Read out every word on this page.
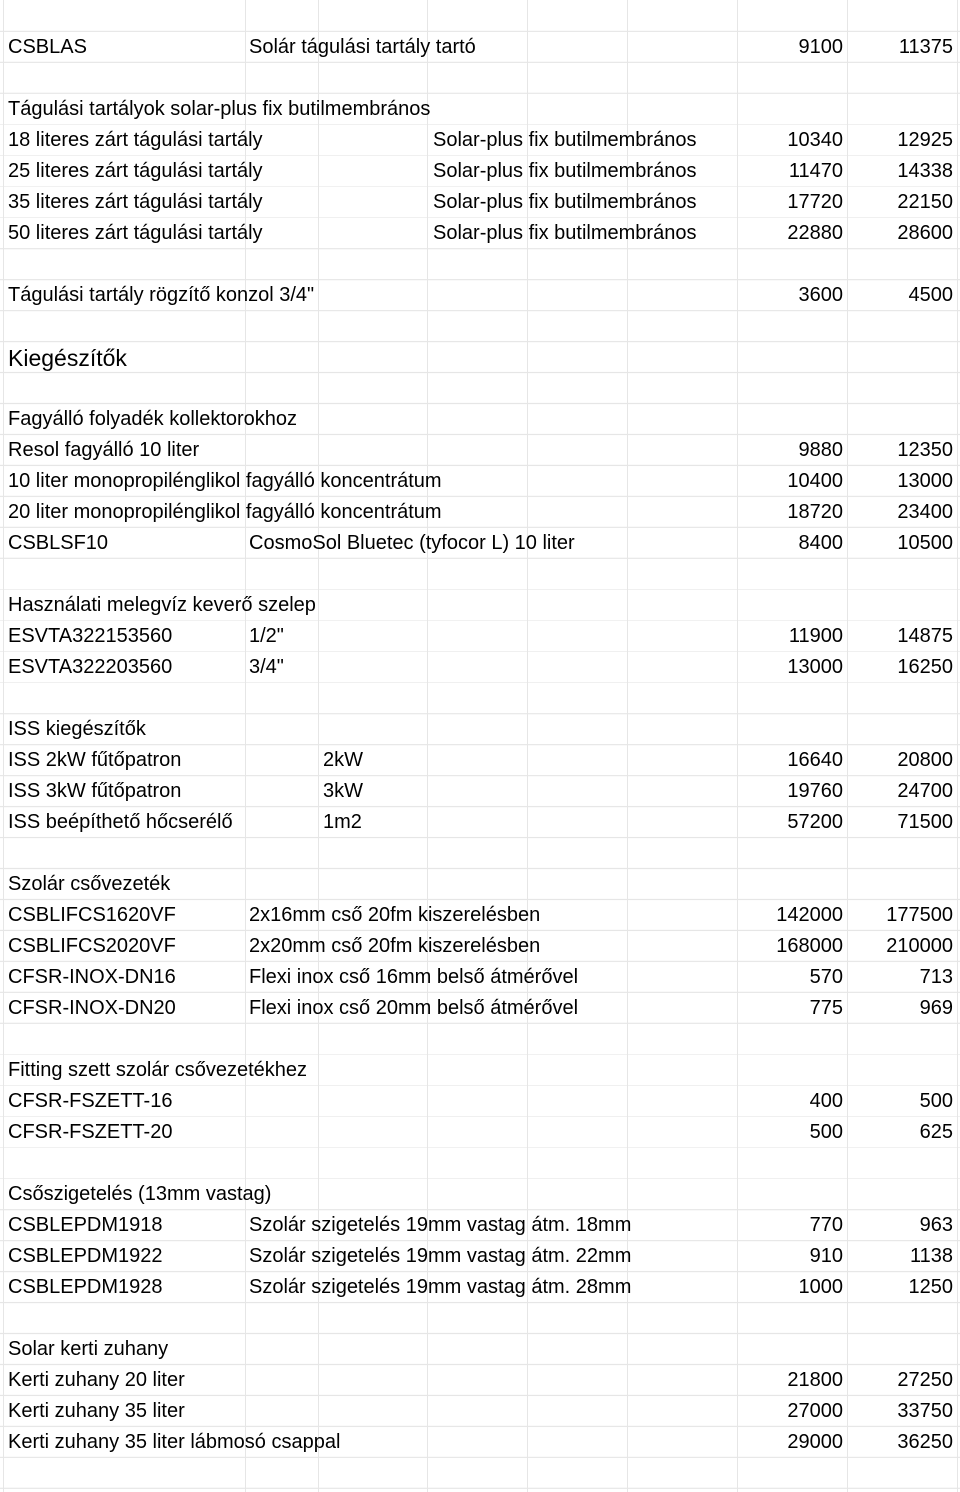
CSBLAS	Solár tágulási tartály tartó	9100	11375
Tágulási tartályok solar-plus fix butilmembrános
18 literes zárt tágulási tartály	Solar-plus fix butilmembrános	10340	12925
25 literes zárt tágulási tartály	Solar-plus fix butilmembrános	11470	14338
35 literes zárt tágulási tartály	Solar-plus fix butilmembrános	17720	22150
50 literes zárt tágulási tartály	Solar-plus fix butilmembrános	22880	28600
Tágulási tartály rögzítő konzol 3/4"	3600	4500
Kiegészítők
Fagyálló folyadék kollektorokhoz
Resol fagyálló 10 liter	9880	12350
10 liter monopropilénglikol fagyálló koncentrátum	10400	13000
20 liter monopropilénglikol fagyálló koncentrátum	18720	23400
CSBLSF10	CosmoSol Bluetec (tyfocor L) 10 liter	8400	10500
Használati melegvíz keverő szelep
ESVTA322153560	1/2"	11900	14875
ESVTA322203560	3/4"	13000	16250
ISS kiegészítők
ISS 2kW fűtőpatron	2kW	16640	20800
ISS 3kW fűtőpatron	3kW	19760	24700
ISS beépíthető hőcserélő	1m2	57200	71500
Szolár csővezeték
CSBLIFCS1620VF	2x16mm cső 20fm kiszerelésben	142000 177500
CSBLIFCS2020VF	2x20mm cső 20fm kiszerelésben	168000 210000
CFSR-INOX-DN16	Flexi inox cső 16mm belső átmérővel	570	713
CFSR-INOX-DN20	Flexi inox cső 20mm belső átmérővel	775	969
Fitting szett szolár csővezetékhez
CFSR-FSZETT-16	400	500
CFSR-FSZETT-20	500	625
Csőszigetelés (13mm vastag)
CSBLEPDM1918	Szolár szigetelés 19mm vastag átm. 18mm	770	963
CSBLEPDM1922	Szolár szigetelés 19mm vastag átm. 22mm	910	1138
CSBLEPDM1928	Szolár szigetelés 19mm vastag átm. 28mm	1000	1250
Solar kerti zuhany
Kerti zuhany 20 liter	21800	27250
Kerti zuhany 35 liter	27000	33750
Kerti zuhany 35 liter lábmosó csappal	29000	36250
